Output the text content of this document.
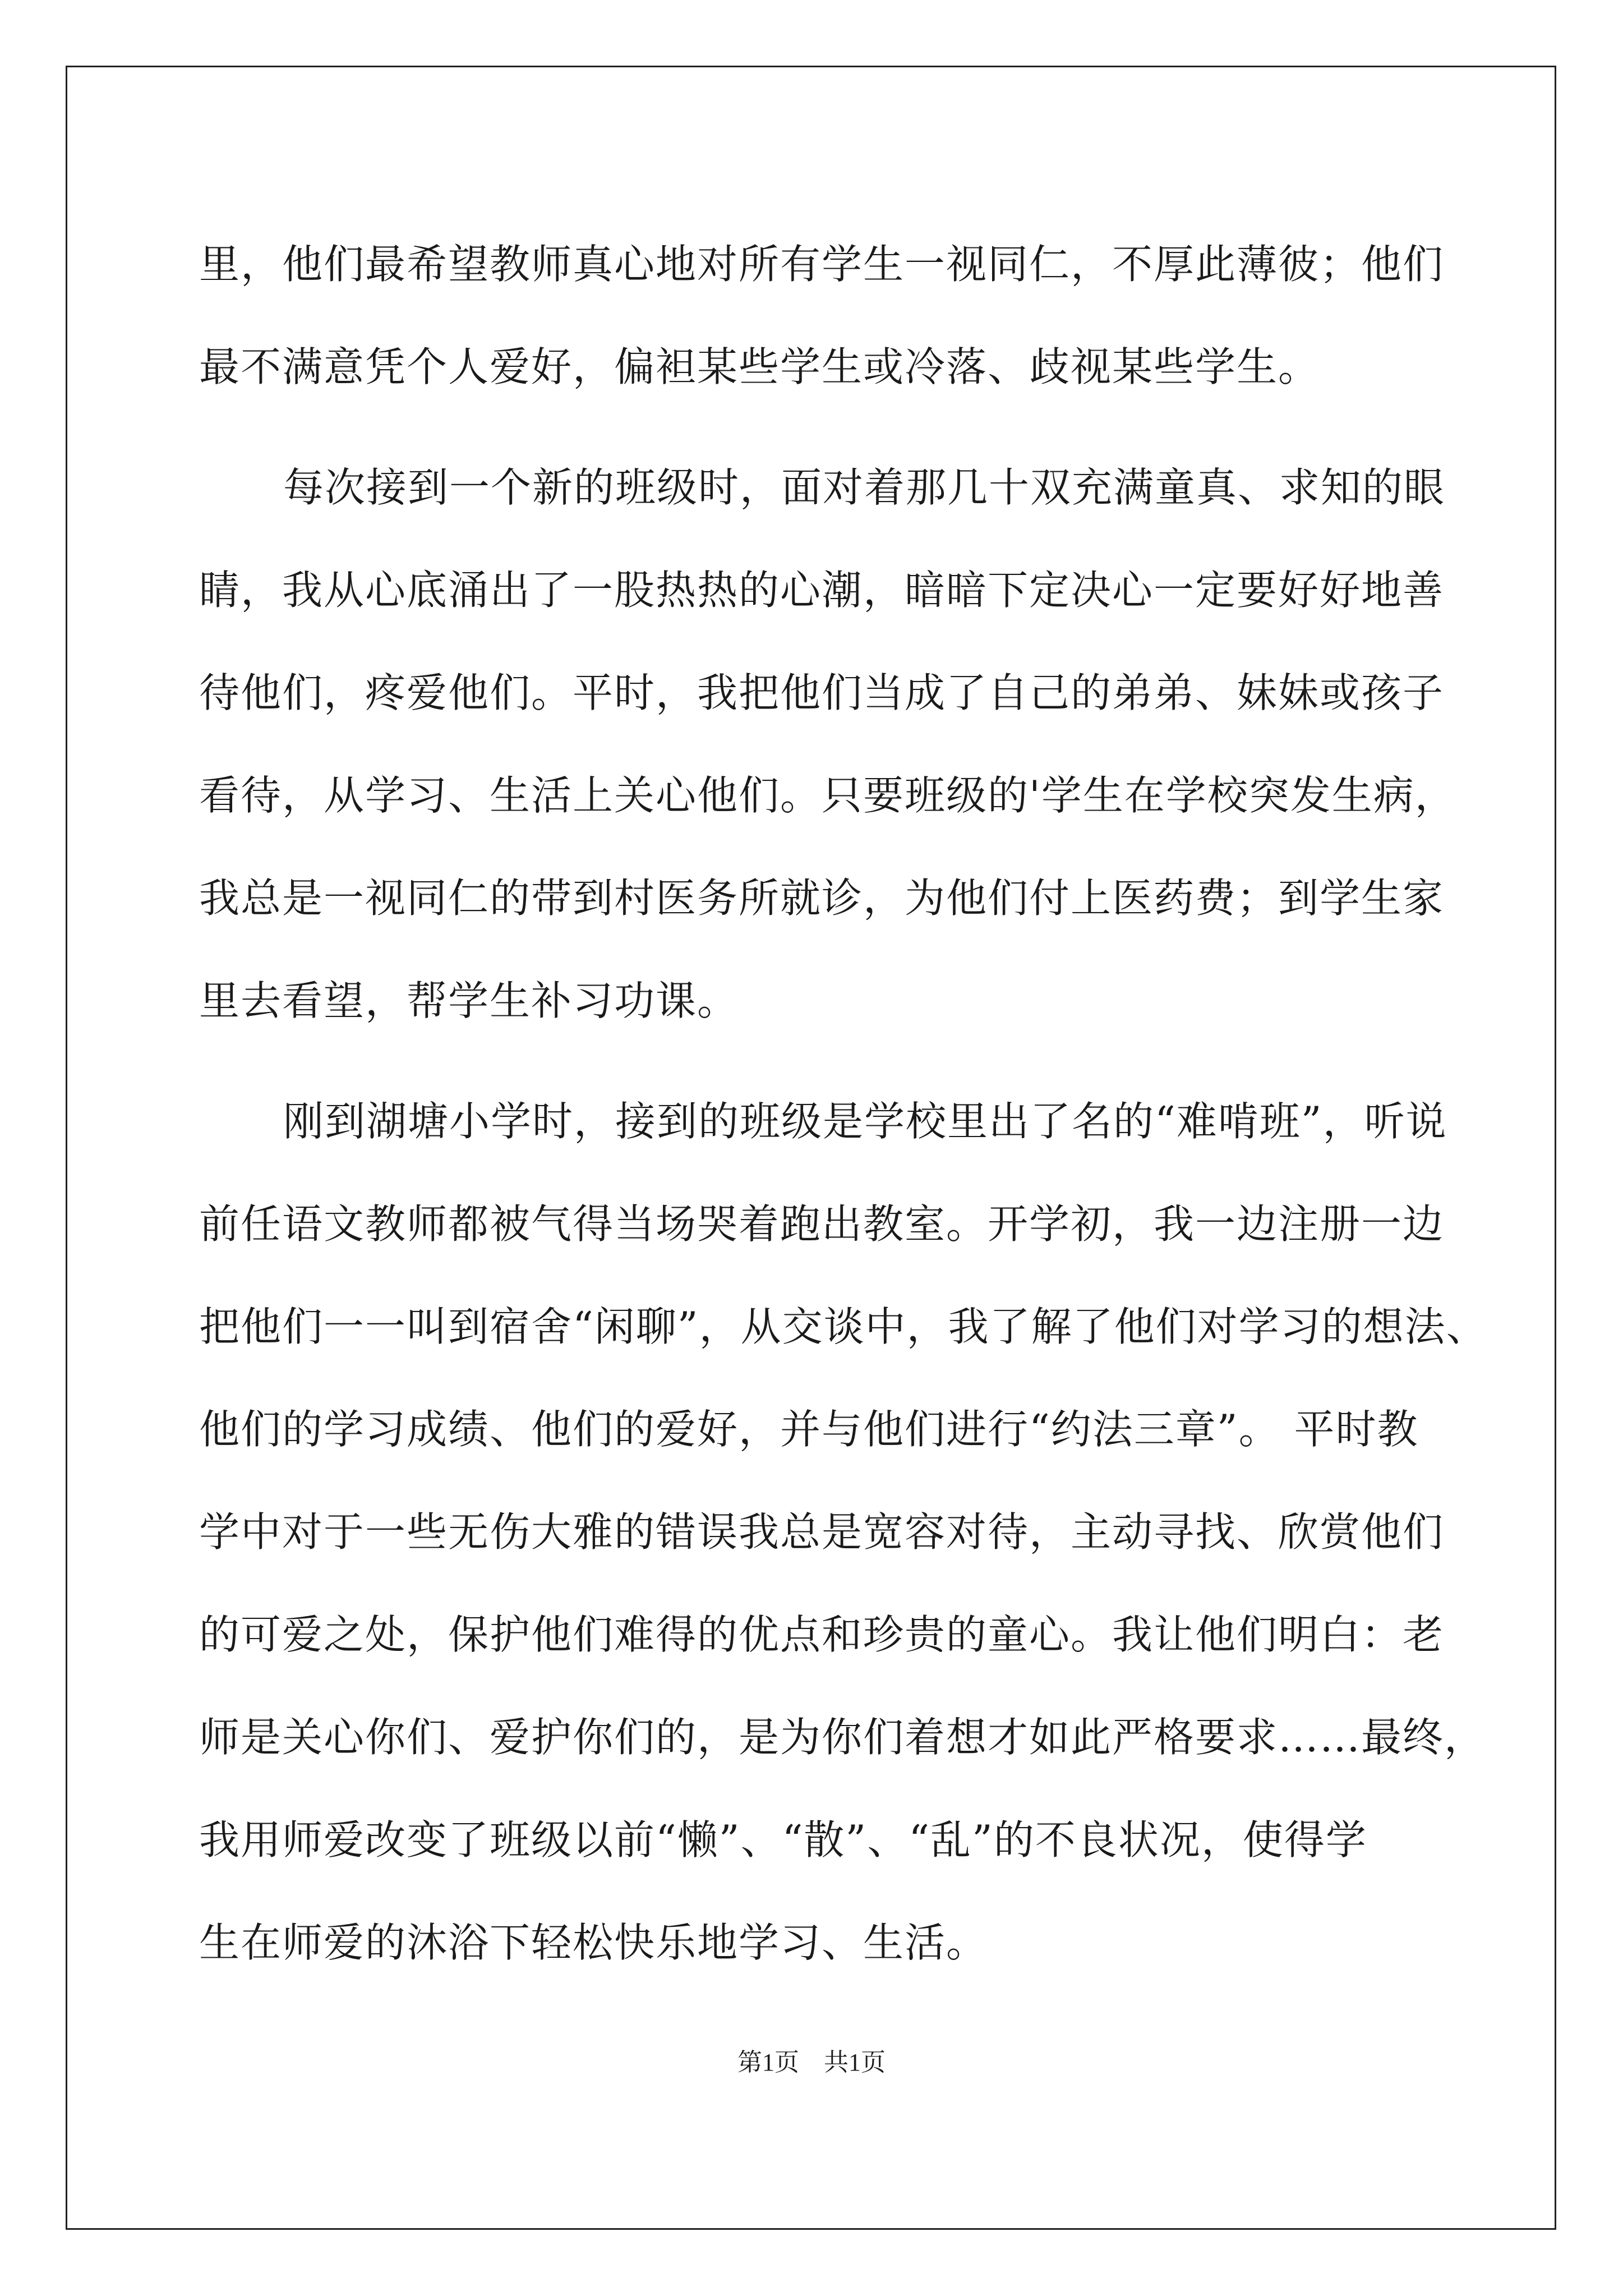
里，他们最希望教师真心地对所有学生一视同仁，不厚此薄彼；他们
最不满意凭个人爱好，偏袒某些学生或冷落、歧视某些学生。
每次接到一个新的班级时，面对着那几十双充满童真、求知的眼
睛，我从心底涌出了一股热热的心潮，暗暗下定决心一定要好好地善
待他们，疼爱他们。平时，我把他们当成了自己的弟弟、妹妹或孩子
看待，从学习、生活上关心他们。只要班级的'学生在学校突发生病，
我总是一视同仁的带到村医务所就诊，为他们付上医药费；到学生家
里去看望，帮学生补习功课。
刚到湖塘小学时，接到的班级是学校里出了名的“难啃班”，听说
前任语文教师都被气得当场哭着跑出教室。开学初，我一边注册一边
把他们一一叫到宿舍“闲聊”，从交谈中，我了解了他们对学习的想法、
他们的学习成绩、他们的爱好，并与他们进行“约法三章”。 平时教
学中对于一些无伤大雅的错误我总是宽容对待，主动寻找、欣赏他们
的可爱之处，保护他们难得的优点和珍贵的童心。我让他们明白：老
师是关心你们、爱护你们的，是为你们着想才如此严格要求……最终，
我用师爱改变了班级以前“懒”、“散”、“乱”的不良状况，使得学
生在师爱的沐浴下轻松快乐地学习、生活。
第1页　共1页
